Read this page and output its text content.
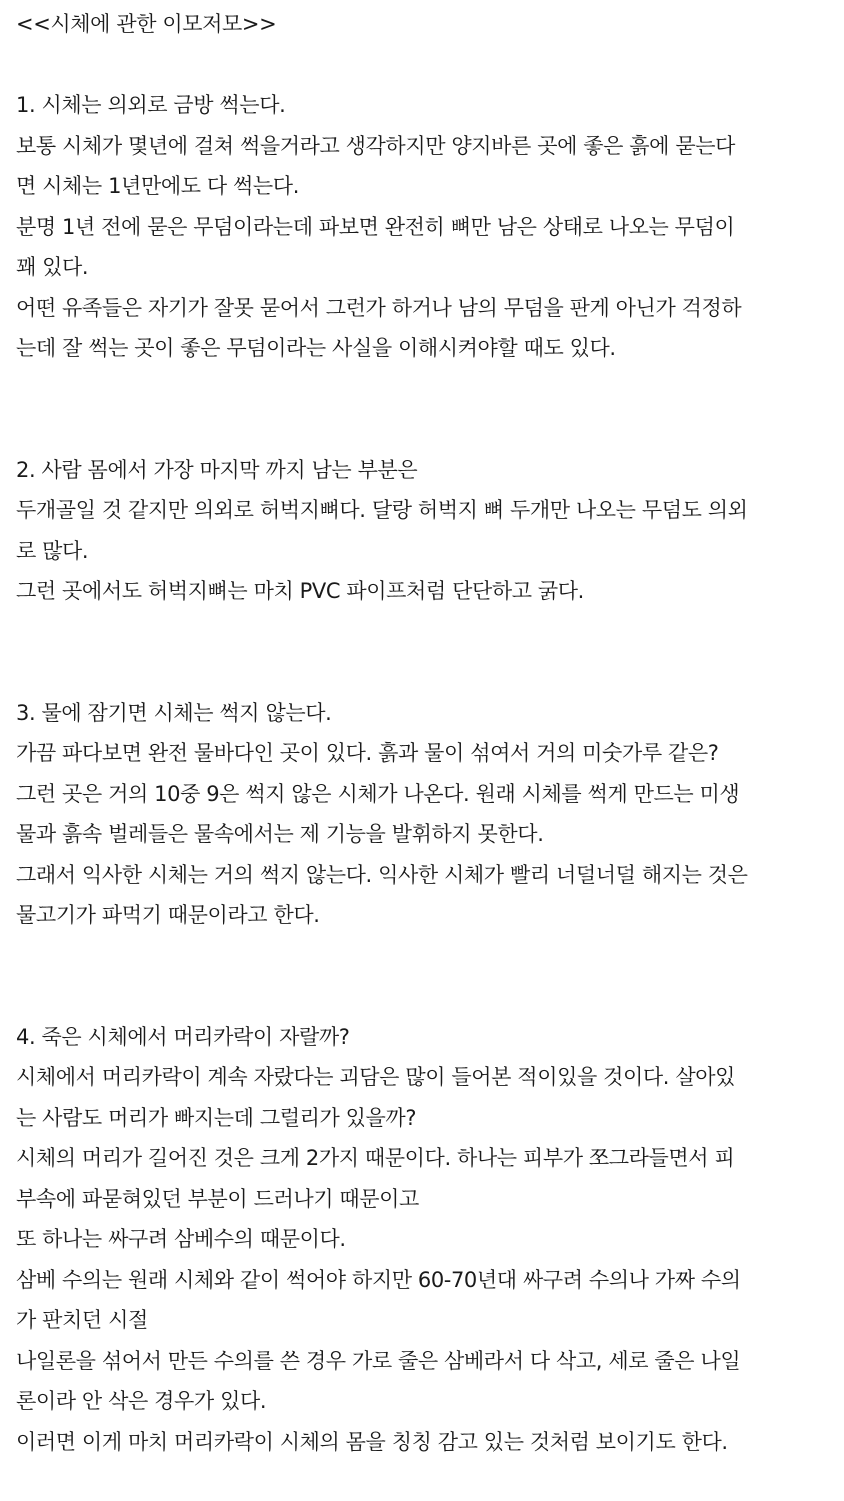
<<시체에 관한 이모저모>>
1. 시체는 의외로 금방 썩는다.
보통 시체가 몇년에 걸쳐 썩을거라고 생각하지만 양지바른 곳에 좋은 흙에 묻는다
면 시체는 1년만에도 다 썩는다.
분명 1년 전에 묻은 무덤이라는데 파보면 완전히 뼈만 남은 상태로 나오는 무덤이
꽤 있다.
어떤 유족들은 자기가 잘못 묻어서 그런가 하거나 남의 무덤을 판게 아닌가 걱정하
는데 잘 썩는 곳이 좋은 무덤이라는 사실을 이해시켜야할 때도 있다.
2. 사람 몸에서 가장 마지막 까지 남는 부분은
두개골일 것 같지만 의외로 허벅지뼈다. 달랑 허벅지 뼈 두개만 나오는 무덤도 의외
로 많다.
그런 곳에서도 허벅지뼈는 마치 PVC 파이프처럼 단단하고 굵다.
3. 물에 잠기면 시체는 썩지 않는다.
가끔 파다보면 완전 물바다인 곳이 있다. 흙과 물이 섞여서 거의 미숫가루 같은?
그런 곳은 거의 10중 9은 썩지 않은 시체가 나온다. 원래 시체를 썩게 만드는 미생
물과 흙속 벌레들은 물속에서는 제 기능을 발휘하지 못한다.
그래서 익사한 시체는 거의 썩지 않는다. 익사한 시체가 빨리 너덜너덜 해지는 것은
물고기가 파먹기 때문이라고 한다.
4. 죽은 시체에서 머리카락이 자랄까?
시체에서 머리카락이 계속 자랐다는 괴담은 많이 들어본 적이있을 것이다. 살아있
는 사람도 머리가 빠지는데 그럴리가 있을까?
시체의 머리가 길어진 것은 크게 2가지 때문이다. 하나는 피부가 쪼그라들면서 피
부속에 파묻혀있던 부분이 드러나기 때문이고
또 하나는 싸구려 삼베수의 때문이다.
삼베 수의는 원래 시체와 같이 썩어야 하지만 60-70년대 싸구려 수의나 가짜 수의
가 판치던 시절
나일론을 섞어서 만든 수의를 쓴 경우 가로 줄은 삼베라서 다 삭고, 세로 줄은 나일
론이라 안 삭은 경우가 있다.
이러면 이게 마치 머리카락이 시체의 몸을 칭칭 감고 있는 것처럼 보이기도 한다.
